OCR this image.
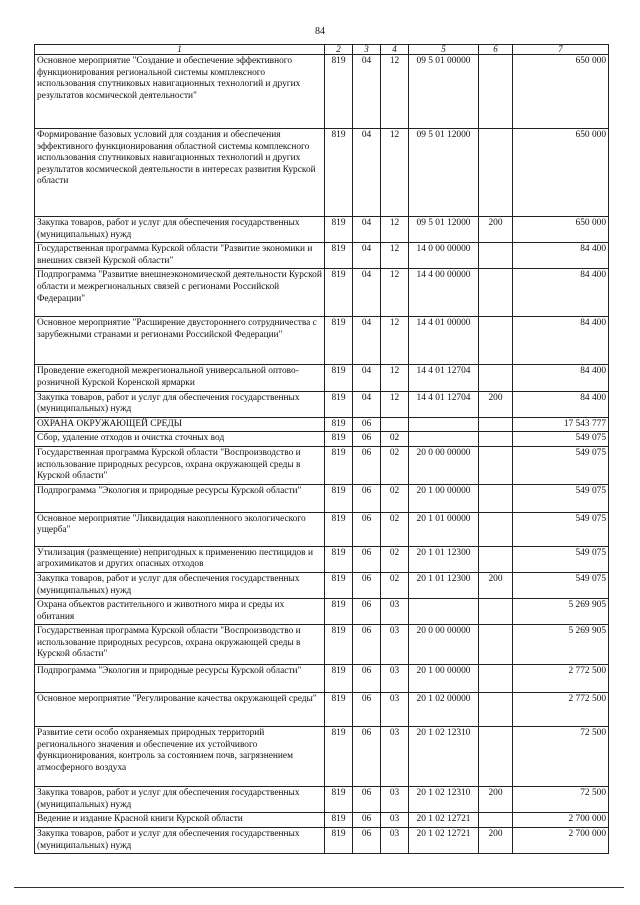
84
1	2	3	4	5	6	7
Основное мероприятие "Создание и обеспечение эффективного функционирования региональной системы комплексного использования спутниковых навигационных технологий и других результатов космической деятельности"	819	04	12	09 5 01 00000		650 000
Формирование базовых условий для создания и обеспечения эффективного функционирования областной системы комплексного использования спутниковых навигационных технологий и других результатов космической деятельности в интересах развития Курской области	819	04	12	09 5 01 12000		650 000
Закупка товаров, работ и услуг для обеспечения государственных (муниципальных) нужд	819	04	12	09 5 01 12000	200	650 000
Государственная программа Курской области "Развитие экономики и внешних связей Курской области"	819	04	12	14 0 00 00000		84 400
Подпрограмма "Развитие внешнеэкономической деятельности Курской области и межрегиональных связей с регионами Российской Федерации"	819	04	12	14 4 00 00000		84 400
Основное мероприятие "Расширение двустороннего сотрудничества с зарубежными странами и регионами Российской Федерации"	819	04	12	14 4 01 00000		84 400
Проведение ежегодной межрегиональной универсальной оптово-розничной Курской Коренской ярмарки	819	04	12	14 4 01 12704		84 400
Закупка товаров, работ и услуг для обеспечения государственных (муниципальных) нужд	819	04	12	14 4 01 12704	200	84 400
ОХРАНА ОКРУЖАЮЩЕЙ СРЕДЫ	819	06				17 543 777
Сбор, удаление отходов и очистка сточных вод	819	06	02			549 075
Государственная программа Курской области "Воспроизводство и использование природных ресурсов, охрана окружающей среды в Курской области"	819	06	02	20 0 00 00000		549 075
Подпрограмма "Экология и природные ресурсы Курской области"	819	06	02	20 1 00 00000		549 075
Основное мероприятие "Ликвидация накопленного экологического ущерба"	819	06	02	20 1 01 00000		549 075
Утилизация (размещение) непригодных к применению пестицидов и агрохимикатов и других опасных отходов	819	06	02	20 1 01 12300		549 075
Закупка товаров, работ и услуг для обеспечения государственных (муниципальных) нужд	819	06	02	20 1 01 12300	200	549 075
Охрана объектов растительного и животного мира и среды их обитания	819	06	03			5 269 905
Государственная программа Курской области "Воспроизводство и использование природных ресурсов, охрана окружающей среды в Курской области"	819	06	03	20 0 00 00000		5 269 905
Подпрограмма "Экология и природные ресурсы Курской области"	819	06	03	20 1 00 00000		2 772 500
Основное мероприятие "Регулирование качества окружающей среды"	819	06	03	20 1 02 00000		2 772 500
Развитие сети особо охраняемых природных территорий регионального значения и обеспечение их устойчивого функционирования, контроль за состоянием почв, загрязнением атмосферного воздуха	819	06	03	20 1 02 12310		72 500
Закупка товаров, работ и услуг для обеспечения государственных (муниципальных) нужд	819	06	03	20 1 02 12310	200	72 500
Ведение и издание Красной книги Курской области	819	06	03	20 1 02 12721		2 700 000
Закупка товаров, работ и услуг для обеспечения государственных (муниципальных) нужд	819	06	03	20 1 02 12721	200	2 700 000
